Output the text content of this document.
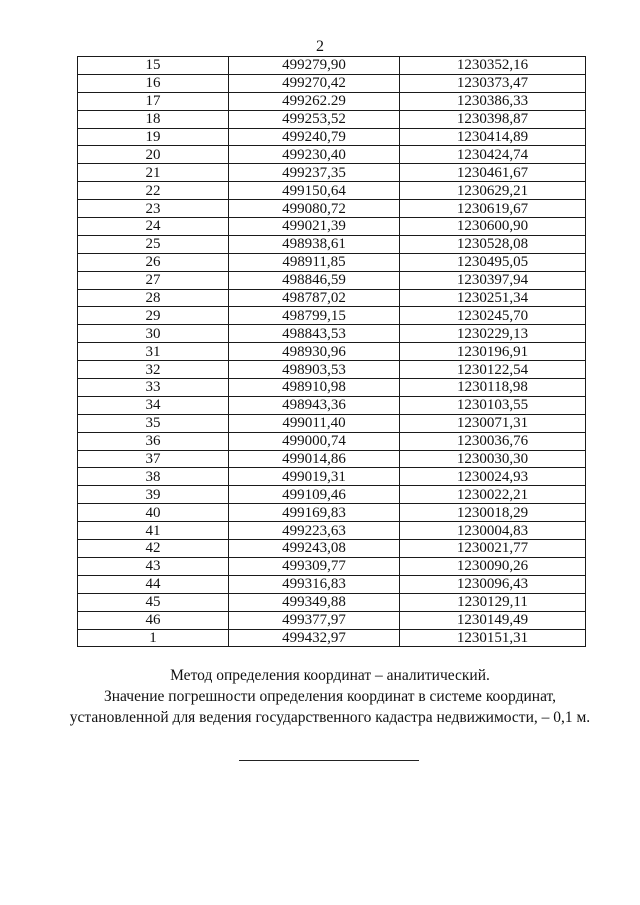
2
15	499279,90	1230352,16
16	499270,42	1230373,47
17	499262.29	1230386,33
18	499253,52	1230398,87
19	499240,79	1230414,89
20	499230,40	1230424,74
21	499237,35	1230461,67
22	499150,64	1230629,21
23	499080,72	1230619,67
24	499021,39	1230600,90
25	498938,61	1230528,08
26	498911,85	1230495,05
27	498846,59	1230397,94
28	498787,02	1230251,34
29	498799,15	1230245,70
30	498843,53	1230229,13
31	498930,96	1230196,91
32	498903,53	1230122,54
33	498910,98	1230118,98
34	498943,36	1230103,55
35	499011,40	1230071,31
36	499000,74	1230036,76
37	499014,86	1230030,30
38	499019,31	1230024,93
39	499109,46	1230022,21
40	499169,83	1230018,29
41	499223,63	1230004,83
42	499243,08	1230021,77
43	499309,77	1230090,26
44	499316,83	1230096,43
45	499349,88	1230129,11
46	499377,97	1230149,49
1	499432,97	1230151,31

Метод определения координат – аналитический.

Значение погрешности определения координат в системе координат,

установленной для ведения государственного кадастра недвижимости, – 0,1 м.
